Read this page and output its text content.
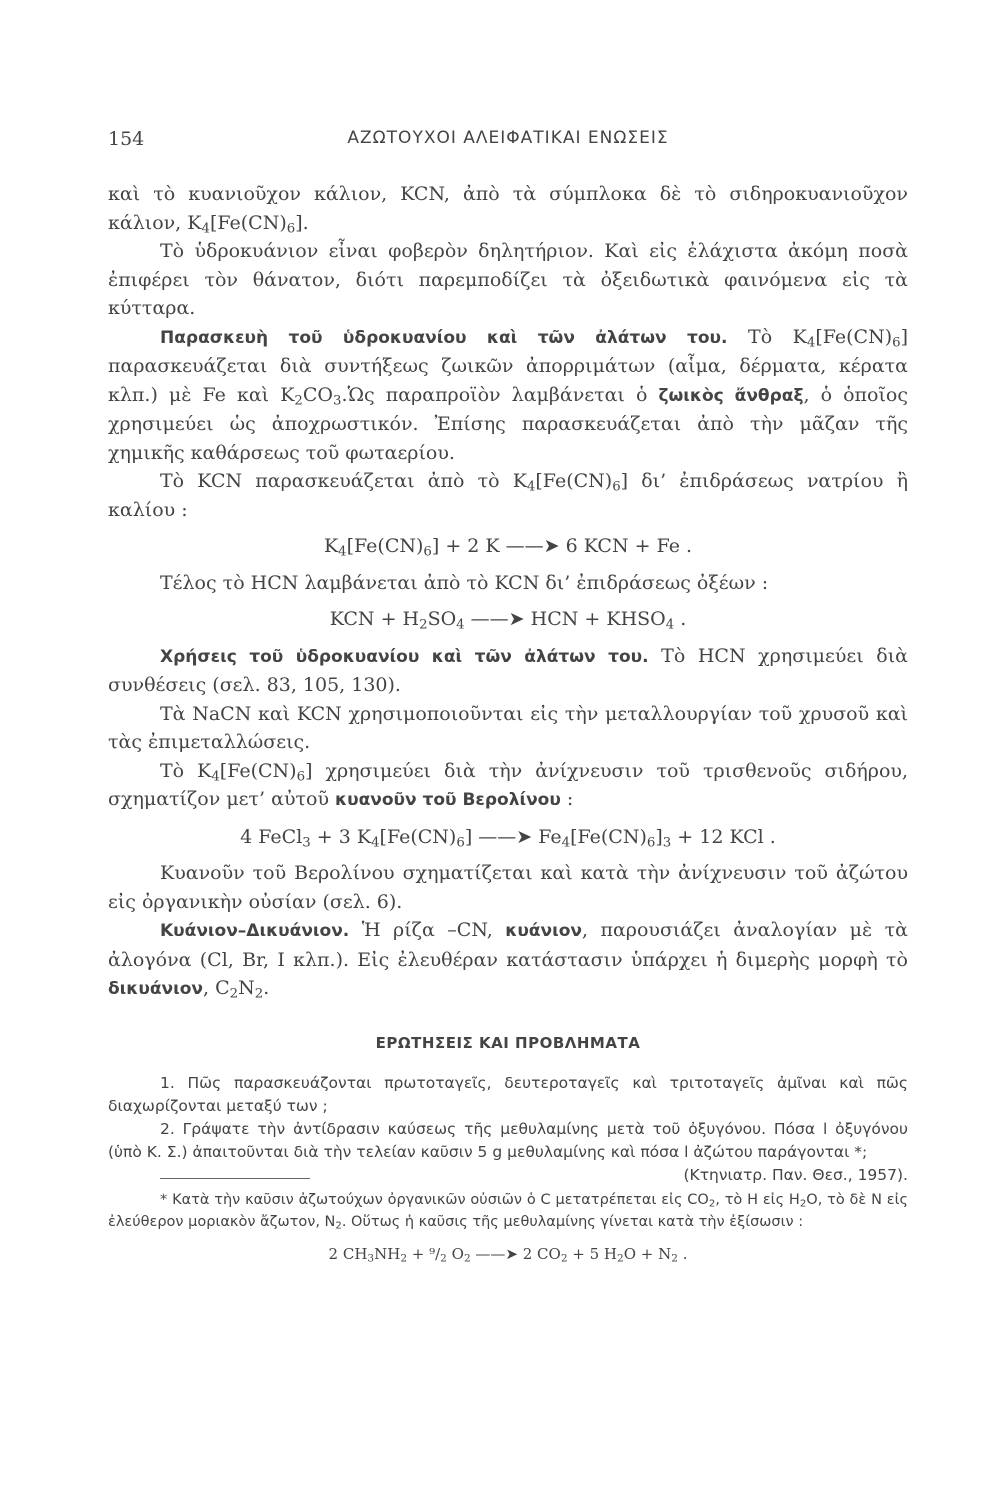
154	ΑΖΩΤΟΥΧΟΙ ΑΛΕΙΦΑΤΙΚΑΙ ΕΝΩΣΕΙΣ

καὶ τὸ κυανιοῦχον κάλιον, KCN, ἀπὸ τὰ σύμπλοκα δὲ τὸ σιδηροκυανιοῦχον κάλιον, $K_4[Fe(CN)_6]$.

Τὸ ὑδροκυάνιον εἶναι φοβερὸν δηλητήριον. Καὶ εἰς ἐλάχιστα ἀκόμη ποσὰ ἐπιφέρει τὸν θάνατον, διότι παρεμποδίζει τὰ ὀξειδωτικὰ φαινόμενα εἰς τὰ κύτταρα.

Παρασκευὴ τοῦ ὑδροκυανίου καὶ τῶν ἀλάτων του. Τὸ $K_4[Fe(CN)_6]$ παρασκευάζεται διὰ συντήξεως ζωικῶν ἀπορριμάτων (αἷμα, δέρματα, κέρατα κλπ.) μὲ Fe καὶ $K_2CO_3.Ὡ\varsigma$ παραπροϊὸν λαμβάνεται ὁ ζωικὸς ἄνθραξ, ὁ ὁποῖος χρησιμεύει ὡς ἀποχρωστικόν. Ἐπίσης παρασκευάζεται ἀπὸ τὴν μᾶζαν τῆς χημικῆς καθάρσεως τοῦ φωταερίου.

Τὸ KCN παρασκευάζεται ἀπὸ τὸ $K_4[Fe(CN)_6]$ δι’ ἐπιδράσεως νατρίου ἢ καλίου :

$K_4[Fe(CN)_6] + 2$ K ——➤ 6 KCN + Fe .

Τέλος τὸ HCN λαμβάνεται ἀπὸ τὸ KCN δι’ ἐπιδράσεως ὀξέων :

KCN + $H_2SO_4$ ——➤ HCN + $KHSO_4$ .

Χρήσεις τοῦ ὑδροκυανίου καὶ τῶν ἀλάτων του. Τὸ HCN χρησιμεύει διὰ συνθέσεις (σελ. 83, 105, 130).

Τὰ NaCN καὶ KCN χρησιμοποιοῦνται εἰς τὴν μεταλλουργίαν τοῦ χρυσοῦ καὶ τὰς ἐπιμεταλλώσεις.

Τὸ $K_4[Fe(CN)_6]$ χρησιμεύει διὰ τὴν ἀνίχνευσιν τοῦ τρισθενοῦς σιδήρου, σχηματίζον μετ’ αὐτοῦ κυανοῦν τοῦ Βερολίνου :

4 FeCl$_3$ + 3 $K_4[Fe(CN)_6]$ ——➤ $Fe_4[Fe(CN)_6]_3 + 12$ KCl .

Κυανοῦν τοῦ Βερολίνου σχηματίζεται καὶ κατὰ τὴν ἀνίχνευσιν τοῦ ἀζώτου εἰς ὀργανικὴν οὐσίαν (σελ. 6).

Κυάνιον–Δικυάνιον. Ἡ ρίζα –CN, κυάνιον, παρουσιάζει ἀναλογίαν μὲ τὰ ἀλογόνα (Cl, Br, I κλπ.). Εἰς ἐλευθέραν κατάστασιν ὑπάρχει ἡ διμερὴς μορφὴ τὸ δικυάνιον, $C_2N_2$.

ΕΡΩΤΗΣΕΙΣ ΚΑΙ ΠΡΟΒΛΗΜΑΤΑ

1. Πῶς παρασκευάζονται πρωτοταγεῖς, δευτεροταγεῖς καὶ τριτοταγεῖς ἀμῖναι καὶ πῶς διαχωρίζονται μεταξύ των ;

2. Γράψατε τὴν ἀντίδρασιν καύσεως τῆς μεθυλαμίνης μετὰ τοῦ ὀξυγόνου. Πόσα l ὀξυγόνου (ὑπὸ Κ. Σ.) ἀπαιτοῦνται διὰ τὴν τελείαν καῦσιν 5 g μεθυλαμίνης καὶ πόσα l ἀζώτου παράγονται *;
(Κτηνιατρ. Παν. Θεσ., 1957).

* Κατὰ τὴν καῦσιν ἀζωτούχων ὀργανικῶν οὐσιῶν ὁ C μετατρέπεται εἰς $CO_2$, τὸ H εἰς $H_2O$, τὸ δὲ N εἰς ἐλεύθερον μοριακὸν ἄζωτον, $N_2$. Οὕτως ἡ καῦσις τῆς μεθυλαμίνης γίνεται κατὰ τὴν ἐξίσωσιν :

2 $CH_3NH_2 + ^9/_2$ $O_2$ ——➤ 2 $CO_2 + 5$ $H_2O + N_2$ .
